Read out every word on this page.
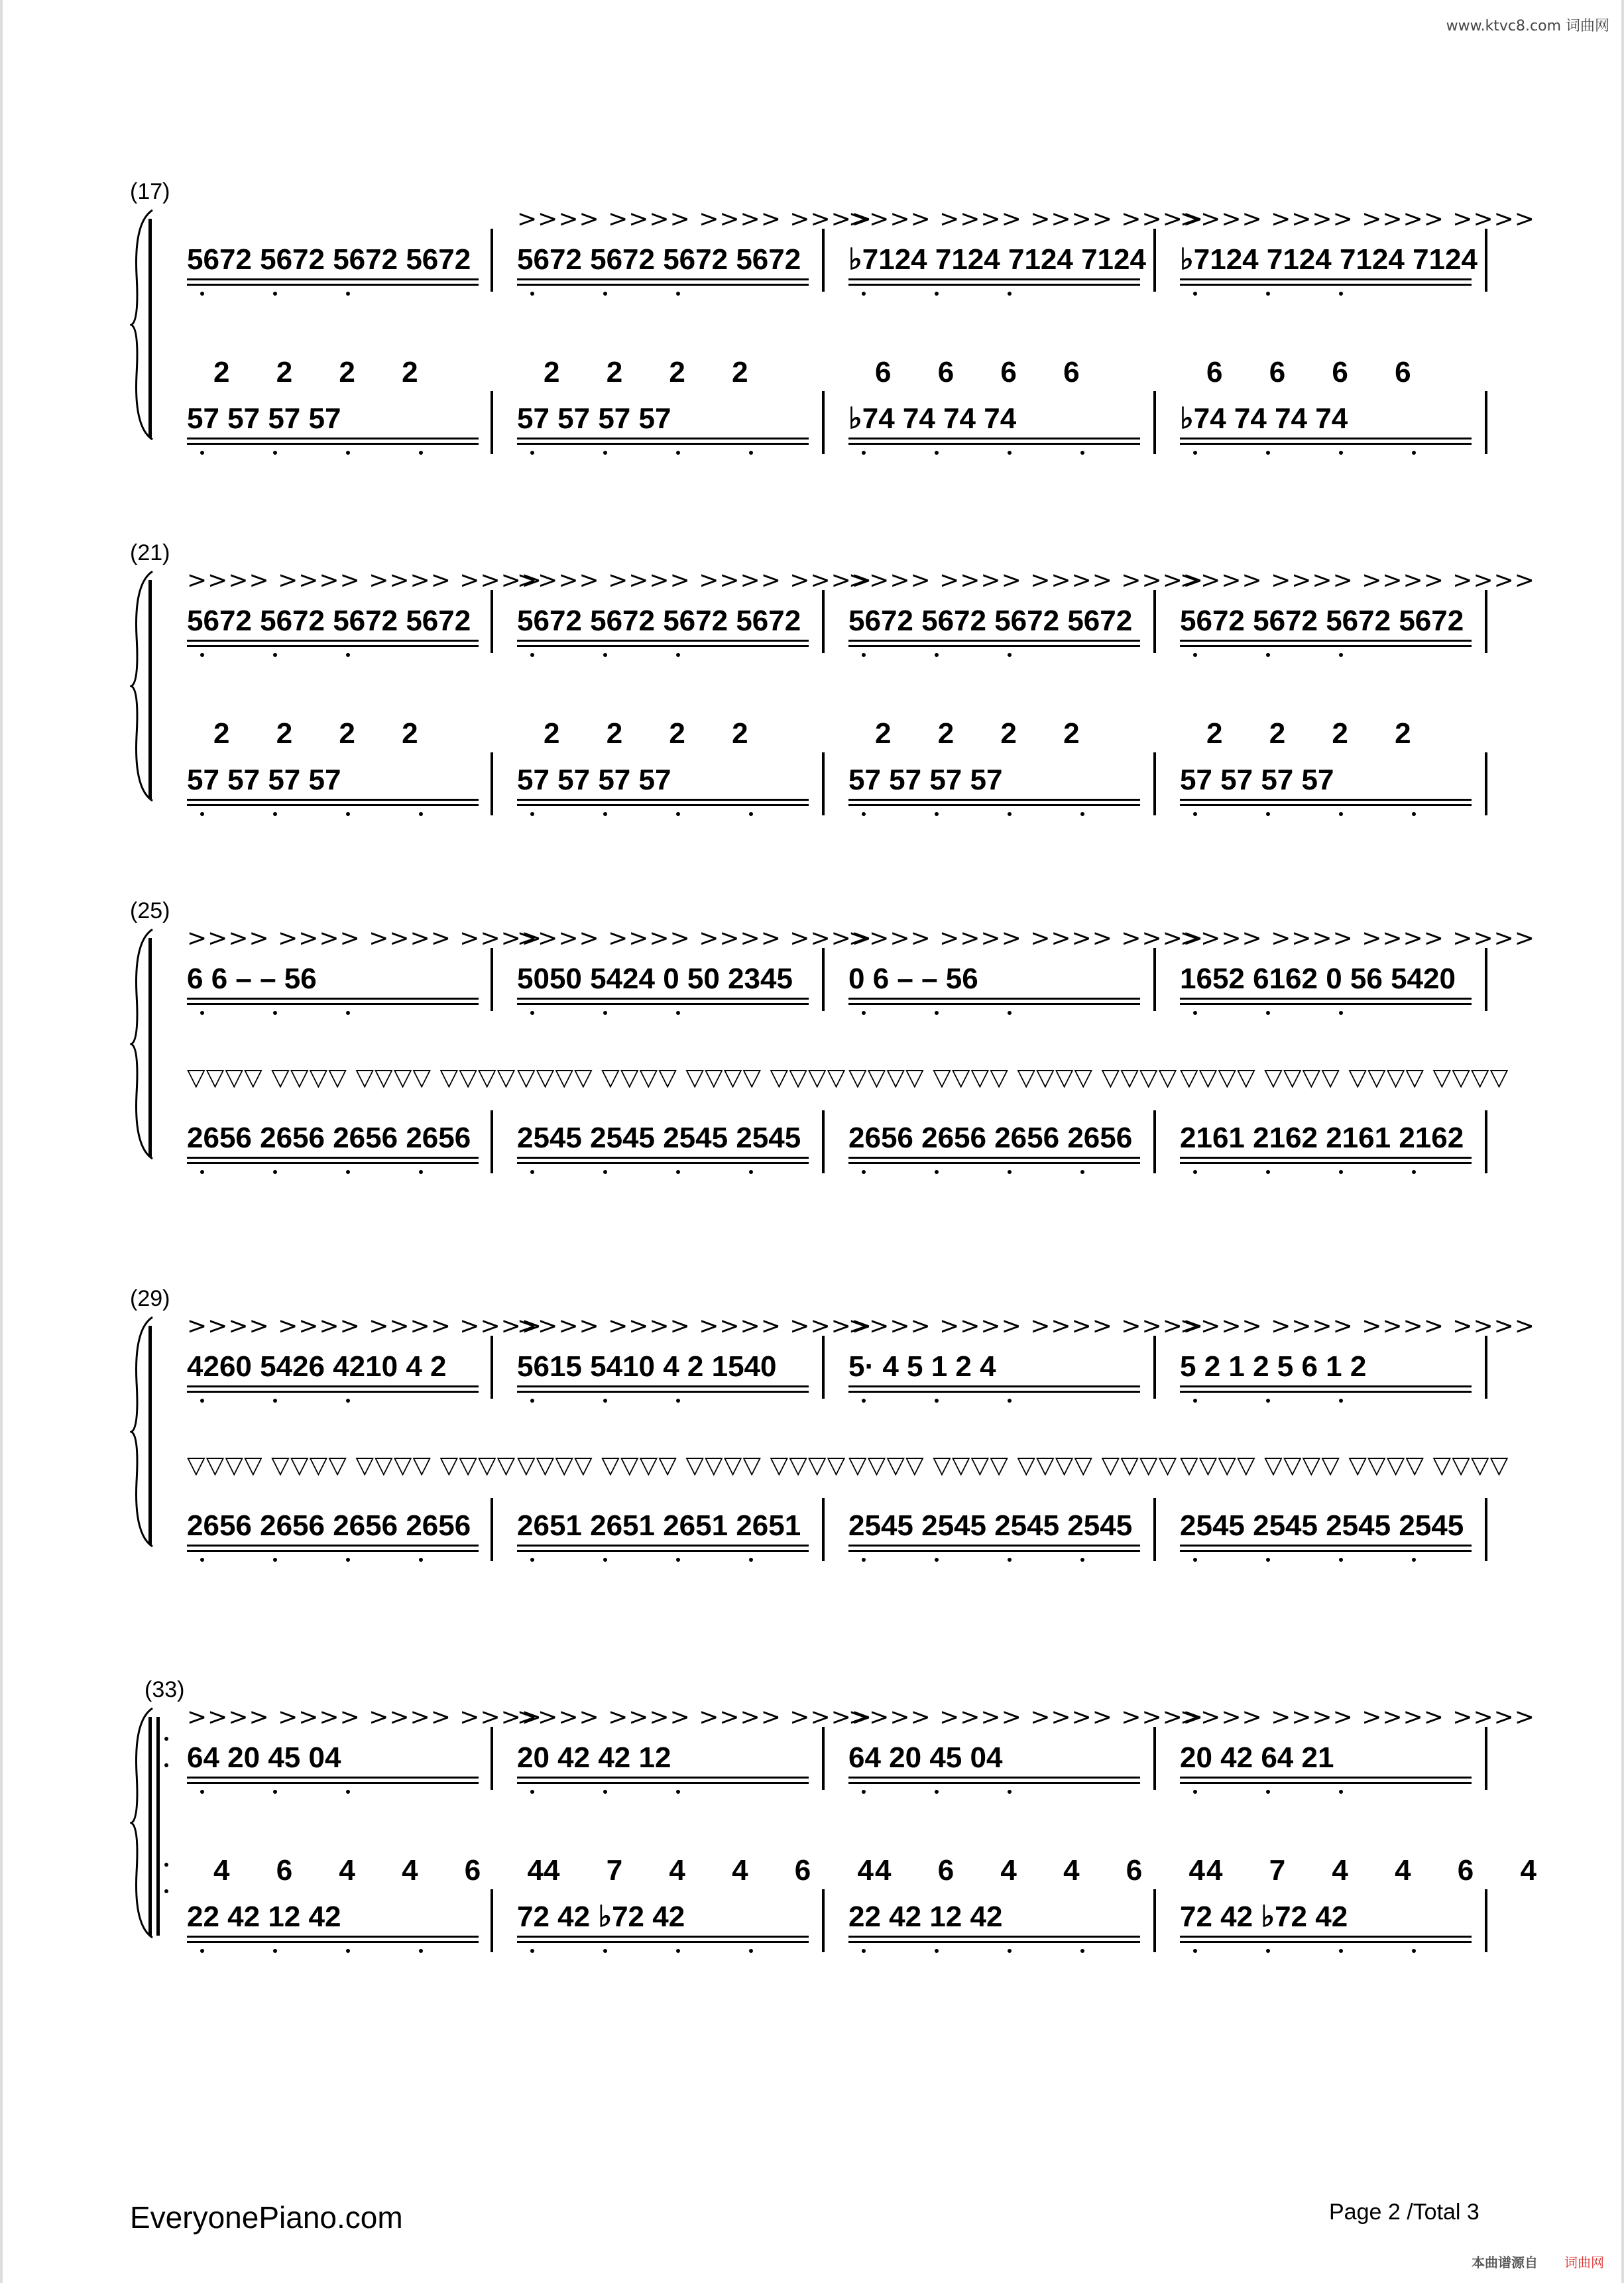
www.ktvc8.com 词曲网
(17)
5672 5672 5672 5672
>>>> >>>> >>>> >>>>
5672 5672 5672 5672
>>>> >>>> >>>> >>>>
♭7124 7124 7124 7124
>>>> >>>> >>>> >>>>
♭7124 7124 7124 7124
2 2 2 2	2 2 2 2	6 6 6 6	6 6 6 6
57 57 57 57	57 57 57 57	♭74 74 74 74	♭74 74 74 74
(21)
>>>> >>>> >>>> >>>>
5672 5672 5672 5672
>>>> >>>> >>>> >>>>
5672 5672 5672 5672
>>>> >>>> >>>> >>>>
5672 5672 5672 5672
>>>> >>>> >>>> >>>>
5672 5672 5672 5672
2 2 2 2	2 2 2 2	2 2 2 2	2 2 2 2
57 57 57 57	57 57 57 57	57 57 57 57	57 57 57 57
(25)
>>>> >>>> >>>> >>>>
6 6 – – 56
>>>> >>>> >>>> >>>>
5050 5424 0 50 2345
>>>> >>>> >>>> >>>>
0 6 – – 56
>>>> >>>> >>>> >>>>
1652 6162 0 56 5420
▽▽▽▽ ▽▽▽▽ ▽▽▽▽ ▽▽▽▽ ▽▽▽▽ ▽▽▽▽ ▽▽▽▽ ▽▽▽▽ ▽▽▽▽ ▽▽▽▽ ▽▽▽▽ ▽▽▽▽ ▽▽▽▽ ▽▽▽▽ ▽▽▽▽ ▽▽▽▽
2656 2656 2656 2656 2545 2545 2545 2545 2656 2656 2656 2656 2161 2162 2161 2162
(29)
>>>> >>>> >>>> >>>>
4260 5426 4210 4 2
>>>> >>>> >>>> >>>>
5615 5410 4 2 1540
>>>> >>>> >>>> >>>>
5· 4 5 1 2 4
>>>> >>>> >>>> >>>>
5 2 1 2 5 6 1 2
▽▽▽▽ ▽▽▽▽ ▽▽▽▽ ▽▽▽▽ ▽▽▽▽ ▽▽▽▽ ▽▽▽▽ ▽▽▽▽ ▽▽▽▽ ▽▽▽▽ ▽▽▽▽ ▽▽▽▽ ▽▽▽▽ ▽▽▽▽ ▽▽▽▽ ▽▽▽▽
2656 2656 2656 2656 2651 2651 2651 2651 2545 2545 2545 2545 2545 2545 2545 2545
(33)
>>>> >>>> >>>> >>>>
64 20 45 04
>>>> >>>> >>>> >>>>
20 42 42 12
>>>> >>>> >>>> >>>>
64 20 45 04
>>>> >>>> >>>> >>>>
20 42 64 21
4 6 4 4 6 4 4 7 4 4 6 4 4 6 4 4 6 4 4 7 4 4 6 4
22 42 12 42	72 42 ♭72 42	22 42 12 42	72 42 ♭72 42
EveryonePiano.com	Page 2 /Total 3
本曲谱源自 词曲网
